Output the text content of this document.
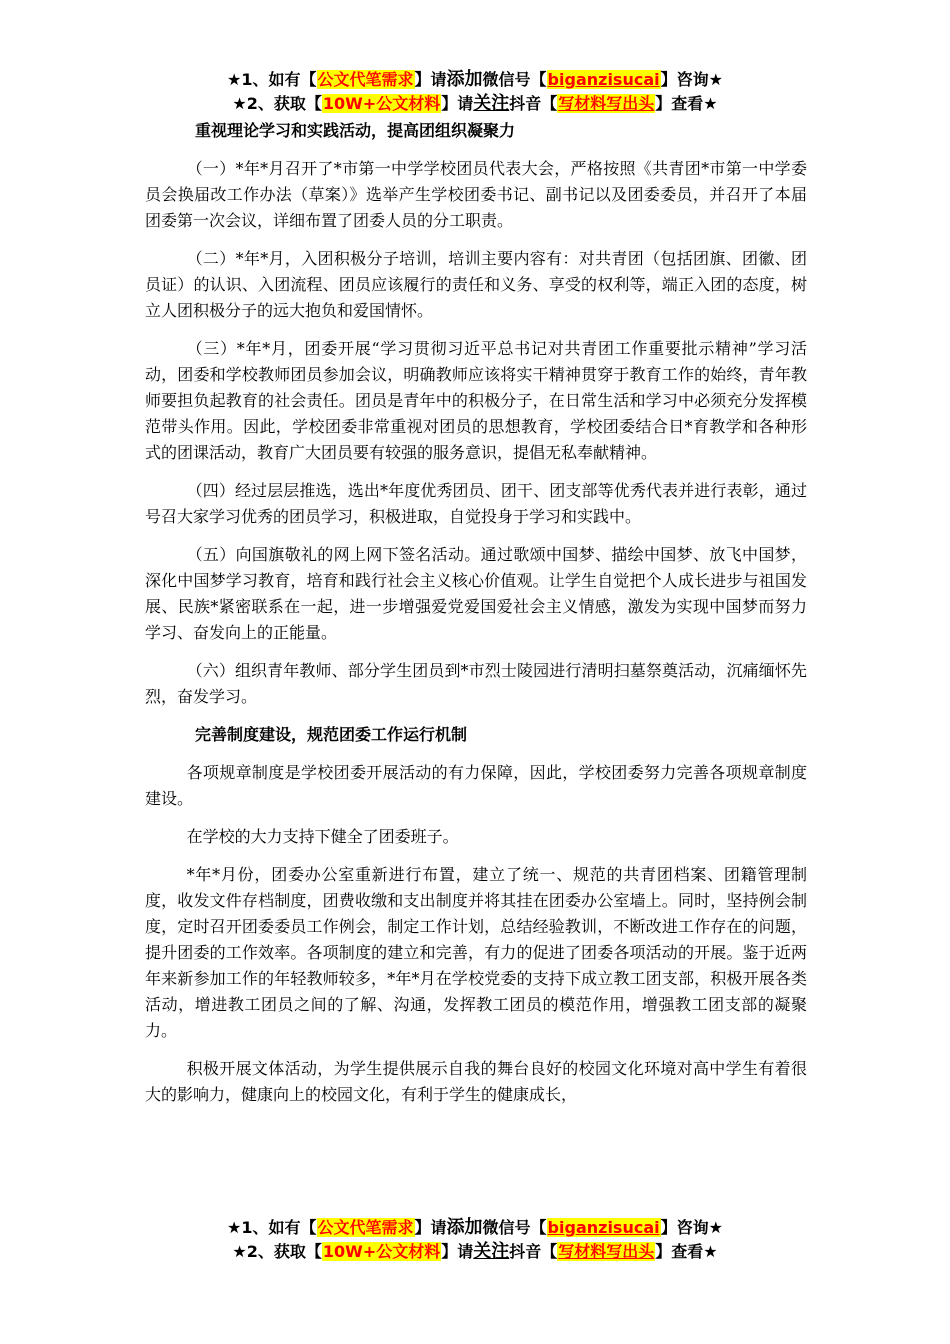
★1、如有【公文代笔需求】请添加微信号【biganzisucai】咨询★
★2、获取【10W+公文材料】请关注抖音【写材料写出头】查看★
重视理论学习和实践活动，提高团组织凝聚力

（一）*年*月召开了*市第一中学学校团员代表大会，严格按照《共青团*市第一中学委员会换届改工作办法（草案）》选举产生学校团委书记、副书记以及团委委员，并召开了本届团委第一次会议，详细布置了团委人员的分工职责。

（二）*年*月，入团积极分子培训，培训主要内容有：对共青团（包括团旗、团徽、团员证）的认识、入团流程、团员应该履行的责任和义务、享受的权利等，端正入团的态度，树立人团积极分子的远大抱负和爱国情怀。

（三）*年*月，团委开展“学习贯彻习近平总书记对共青团工作重要批示精神”学习活动，团委和学校教师团员参加会议，明确教师应该将实干精神贯穿于教育工作的始终，青年教师要担负起教育的社会责任。团员是青年中的积极分子，在日常生活和学习中必须充分发挥模范带头作用。因此，学校团委非常重视对团员的思想教育，学校团委结合日*育教学和各种形式的团课活动，教育广大团员要有较强的服务意识，提倡无私奉献精神。

（四）经过层层推选，选出*年度优秀团员、团干、团支部等优秀代表并进行表彰，通过号召大家学习优秀的团员学习，积极进取，自觉投身于学习和实践中。

（五）向国旗敬礼的网上网下签名活动。通过歌颂中国梦、描绘中国梦、放飞中国梦，深化中国梦学习教育，培育和践行社会主义核心价值观。让学生自觉把个人成长进步与祖国发展、民族*紧密联系在一起，进一步增强爱党爱国爱社会主义情感，激发为实现中国梦而努力学习、奋发向上的正能量。

（六）组织青年教师、部分学生团员到*市烈士陵园进行清明扫墓祭奠活动，沉痛缅怀先烈，奋发学习。

完善制度建设，规范团委工作运行机制

各项规章制度是学校团委开展活动的有力保障，因此，学校团委努力完善各项规章制度建设。

在学校的大力支持下健全了团委班子。

*年*月份，团委办公室重新进行布置，建立了统一、规范的共青团档案、团籍管理制度，收发文件存档制度，团费收缴和支出制度并将其挂在团委办公室墙上。同时，坚持例会制度，定时召开团委委员工作例会，制定工作计划，总结经验教训，不断改进工作存在的问题，提升团委的工作效率。各项制度的建立和完善，有力的促进了团委各项活动的开展。鉴于近两年来新参加工作的年轻教师较多，*年*月在学校党委的支持下成立教工团支部，积极开展各类活动，增进教工团员之间的了解、沟通，发挥教工团员的模范作用，增强教工团支部的凝聚力。

积极开展文体活动，为学生提供展示自我的舞台良好的校园文化环境对高中学生有着很大的影响力，健康向上的校园文化，有利于学生的健康成长，

★1、如有【公文代笔需求】请添加微信号【biganzisucai】咨询★
★2、获取【10W+公文材料】请关注抖音【写材料写出头】查看★
